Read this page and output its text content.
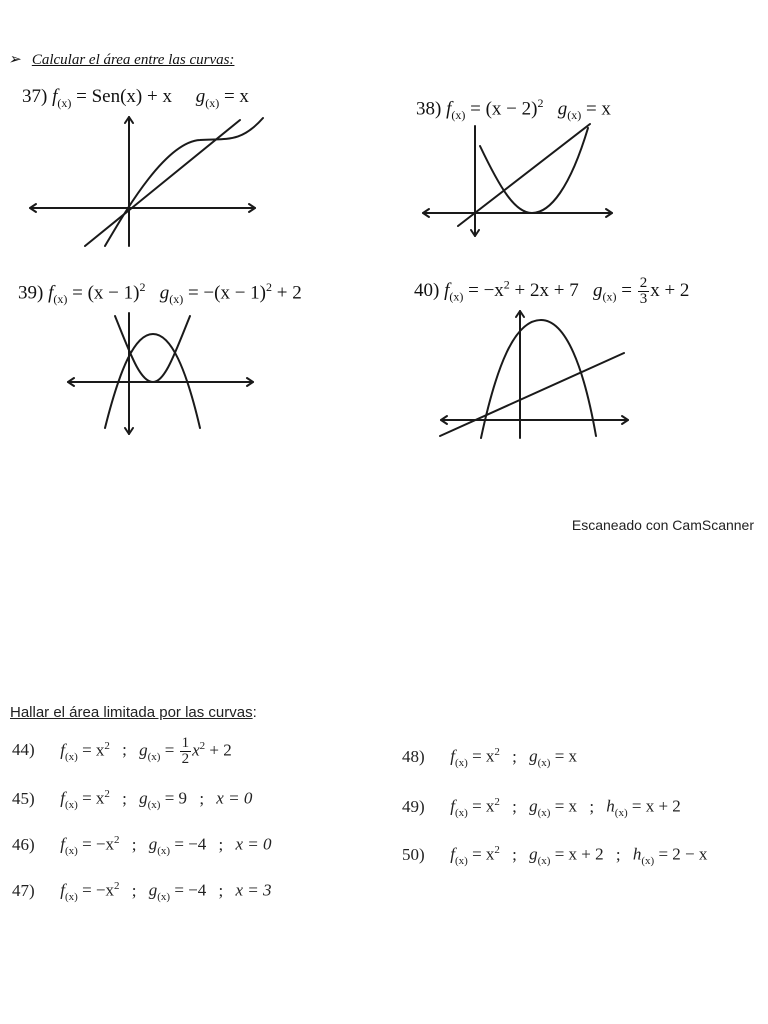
➢ Calcular el área entre las curvas:
37) $f_{(x)} = Sen(x) + x$ $g_{(x)} = x$
38) $f_{(x)} = (x - 2)^2$ $g_{(x)} = x$
39) $f_{(x)} = (x - 1)^2$ $g_{(x)} = -(x - 1)^2 + 2$	40) $f_{(x)} = -x^2 + 2x + 7$ $g_{(x)} = \frac{2}{3}$ x + 2
Escaneado con CamScanner
Hallar el área limitada por las curvas:
44) $f_{(x)} = x^2$ ; $g_{(x)} = \frac{1}{2} x^2 + 2$
45) $f_{(x)} = x^2$ ; $g_{(x)} = 9$ ; x = 0
46) $f_{(x)} = -x^2$ ; $g_{(x)} = -4$ ; x = 0
47) $f_{(x)} = -x^2$ ; $g_{(x)} = -4$ ; x = 3
48) $f_{(x)} = x^2$ ; $g_{(x)} = x$
49) $f_{(x)} = x^2$ ; $g_{(x)} = x$ ; $h_{(x)} = x + 2$
50) $f_{(x)} = x^2$ ; $g_{(x)} = x + 2$ ; $h_{(x)} = 2 - x$
